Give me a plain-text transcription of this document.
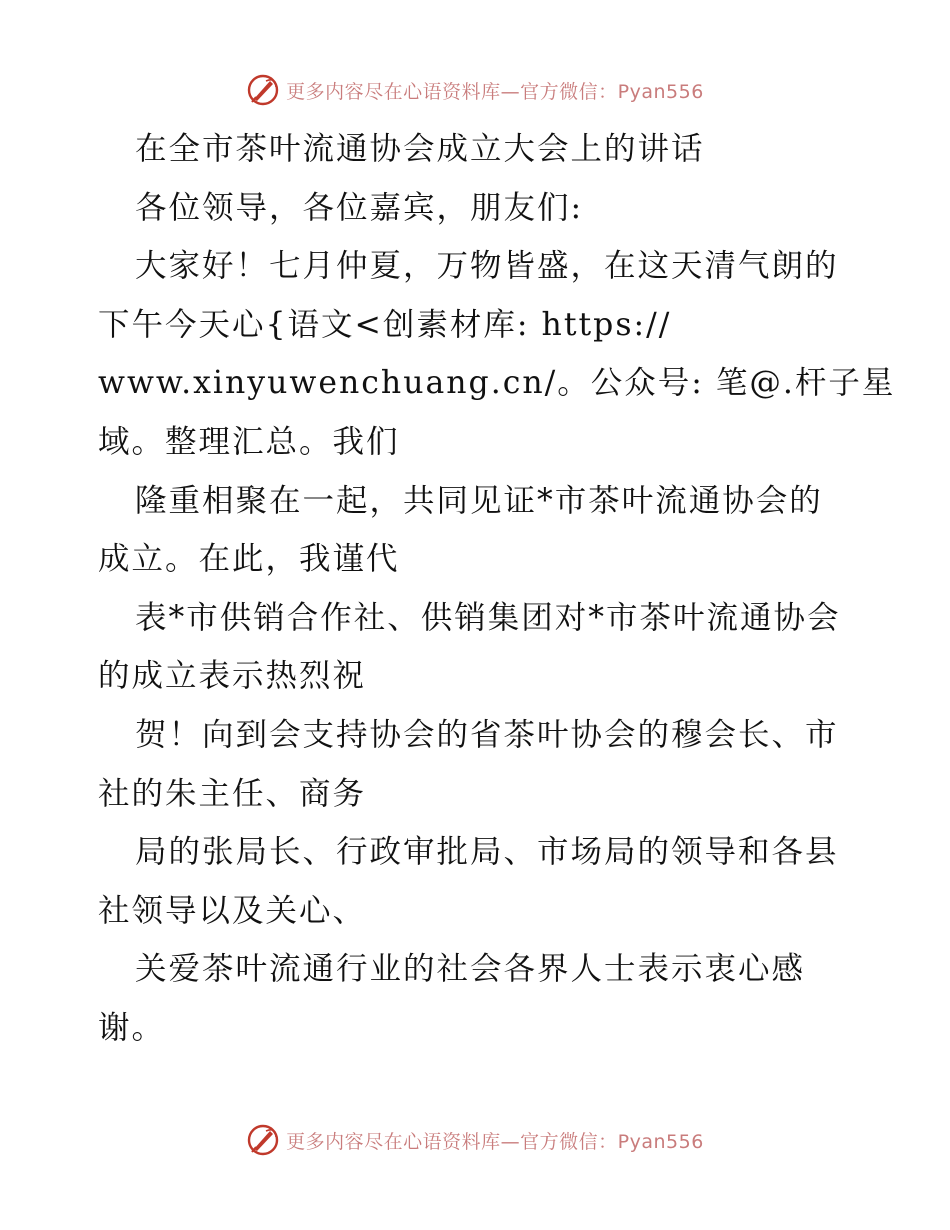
更多内容尽在心语资料库—官方微信：Pyan556
在全市茶叶流通协会成立大会上的讲话
各位领导，各位嘉宾，朋友们:
大家好！七月仲夏，万物皆盛，在这天清气朗的
下午今天心{语文<创素材库: https://
www.xinyuwenchuang.cn/。公众号: 笔@.杆子星
域。整理汇总。我们
隆重相聚在一起，共同见证*市茶叶流通协会的
成立。在此，我谨代
表*市供销合作社、供销集团对*市茶叶流通协会
的成立表示热烈祝
贺！向到会支持协会的省茶叶协会的穆会长、市
社的朱主任、商务
局的张局长、行政审批局、市场局的领导和各县
社领导以及关心、
关爱茶叶流通行业的社会各界人士表示衷心感
谢。
更多内容尽在心语资料库—官方微信：Pyan556
